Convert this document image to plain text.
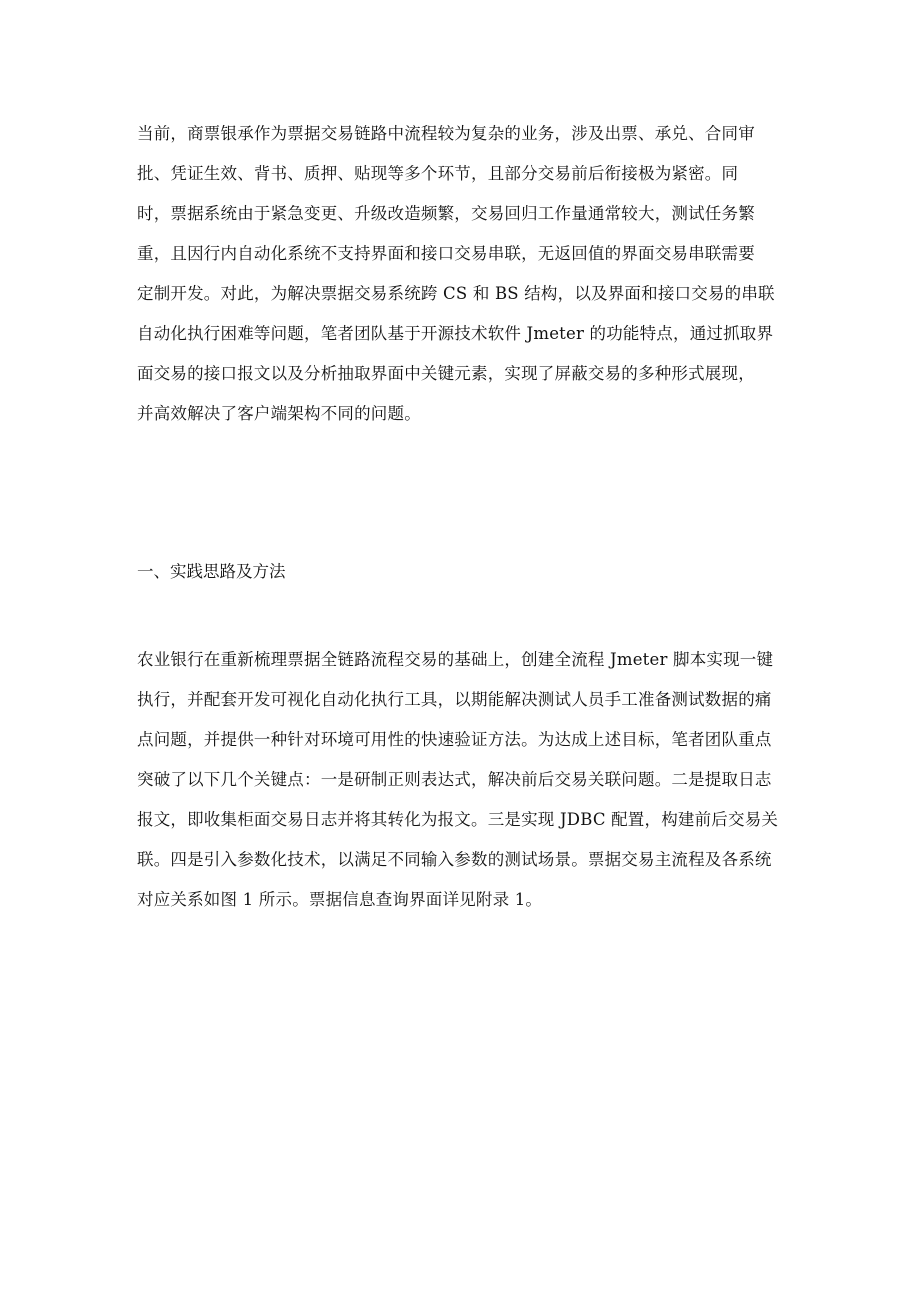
当前，商票银承作为票据交易链路中流程较为复杂的业务，涉及出票、承兑、合同审
批、凭证生效、背书、质押、贴现等多个环节，且部分交易前后衔接极为紧密。同
时，票据系统由于紧急变更、升级改造频繁，交易回归工作量通常较大，测试任务繁
重，且因行内自动化系统不支持界面和接口交易串联，无返回值的界面交易串联需要
定制开发。对此，为解决票据交易系统跨 CS 和 BS 结构，以及界面和接口交易的串联
自动化执行困难等问题，笔者团队基于开源技术软件 Jmeter 的功能特点，通过抓取界
面交易的接口报文以及分析抽取界面中关键元素，实现了屏蔽交易的多种形式展现，
并高效解决了客户端架构不同的问题。
一、实践思路及方法
农业银行在重新梳理票据全链路流程交易的基础上，创建全流程 Jmeter 脚本实现一键
执行，并配套开发可视化自动化执行工具，以期能解决测试人员手工准备测试数据的痛
点问题，并提供一种针对环境可用性的快速验证方法。为达成上述目标，笔者团队重点
突破了以下几个关键点：一是研制正则表达式，解决前后交易关联问题。二是提取日志
报文，即收集柜面交易日志并将其转化为报文。三是实现 JDBC 配置，构建前后交易关
联。四是引入参数化技术，以满足不同输入参数的测试场景。票据交易主流程及各系统
对应关系如图 1 所示。票据信息查询界面详见附录 1。
